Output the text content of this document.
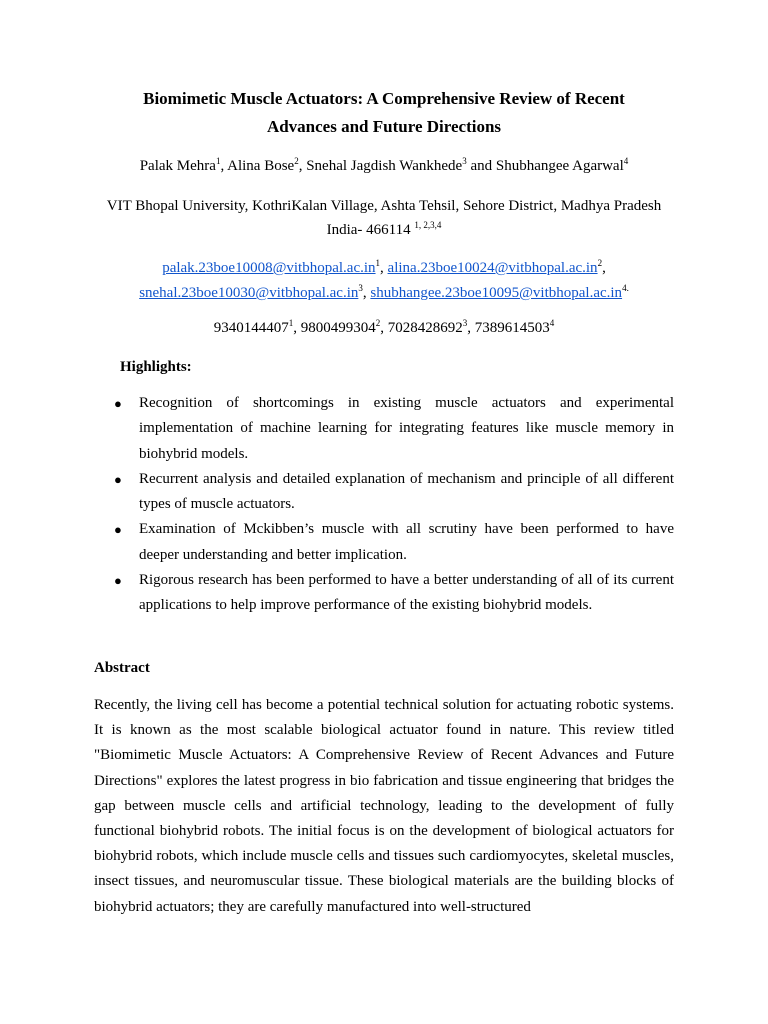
Biomimetic Muscle Actuators: A Comprehensive Review of Recent
Advances and Future Directions
Palak Mehra$^1$, Alina Bose$^2$, Snehal Jagdish Wankhede$^3$ and Shubhangee Agarwal$^4$
VIT Bhopal University, KothriKalan Village, Ashta Tehsil, Sehore District, Madhya Pradesh India- 466114 $^{1, 2,3,4}$
$palak.23boe10008@vitbhopal.ac.in^1$, $alina.23boe10024@vitbhopal.ac.in^2$,
$snehal.23boe10030@vitbhopal.ac.in^3$, $shubhangee.23boe10095@vitbhopal.ac.in^{4.}$
9340144407$^1$, 9800499304$^2$, 7028428692$^3$, 7389614503$^4$
Highlights:
● Recognition of shortcomings in existing muscle actuators and experimental implementation of machine learning for integrating features like muscle memory in biohybrid models.
● Recurrent analysis and detailed explanation of mechanism and principle of all different types of muscle actuators.
● Examination of Mckibben’s muscle with all scrutiny have been performed to have deeper understanding and better implication.
● Rigorous research has been performed to have a better understanding of all of its current applications to help improve performance of the existing biohybrid models.
Abstract
Recently, the living cell has become a potential technical solution for actuating robotic systems. It is known as the most scalable biological actuator found in nature. This review titled "Biomimetic Muscle Actuators: A Comprehensive Review of Recent Advances and Future Directions" explores the latest progress in bio fabrication and tissue engineering that bridges the gap between muscle cells and artificial technology, leading to the development of fully functional biohybrid robots. The initial focus is on the development of biological actuators for biohybrid robots, which include muscle cells and tissues such cardiomyocytes, skeletal muscles, insect tissues, and neuromuscular tissue. These biological materials are the building blocks of biohybrid actuators; they are carefully manufactured into well-structured
